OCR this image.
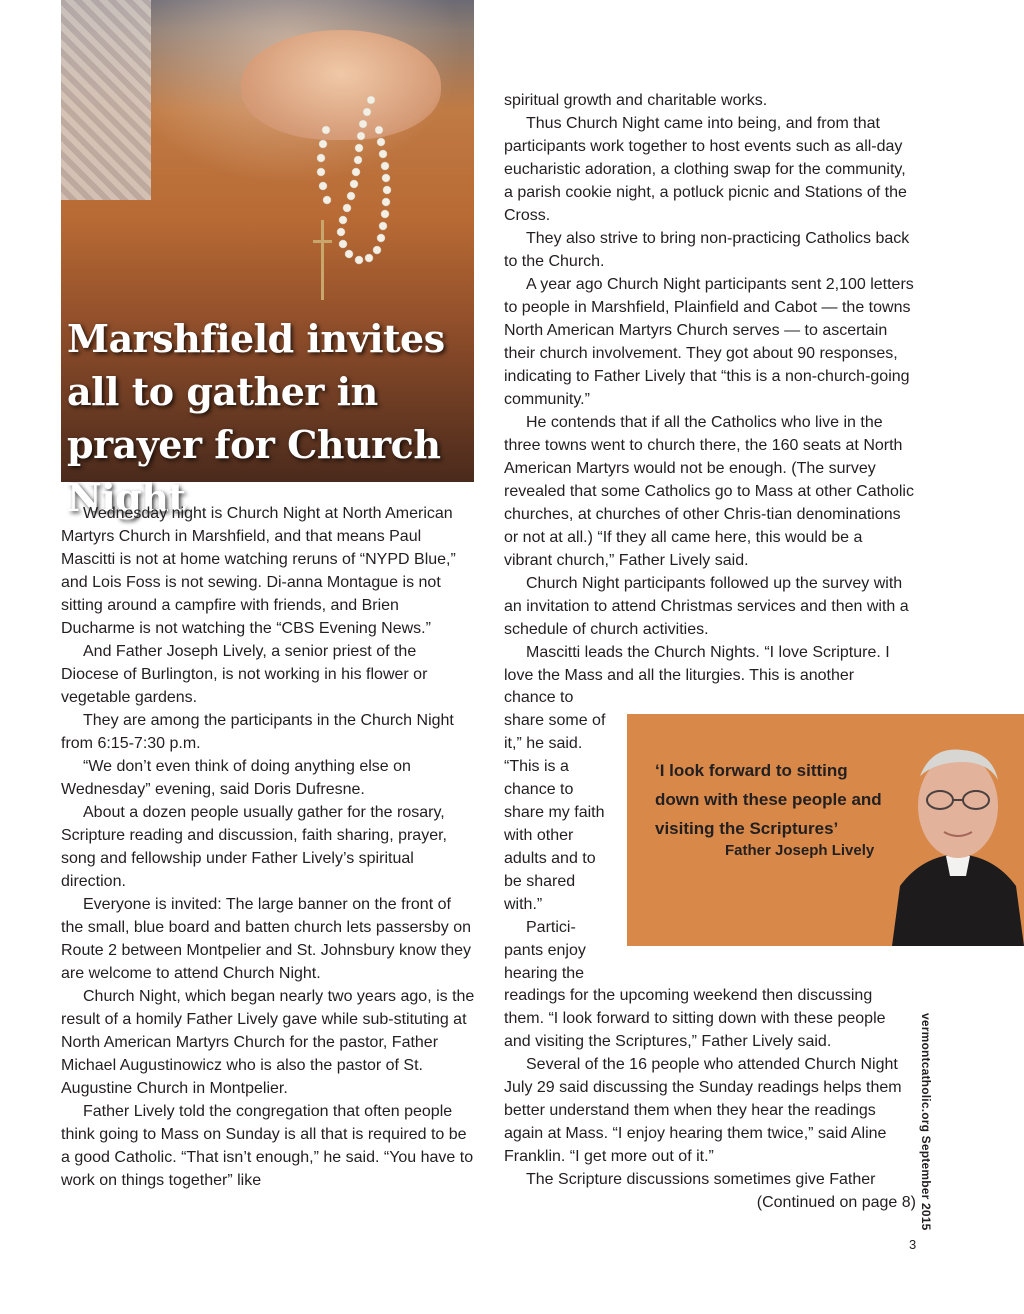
Marshfield invites all to gather in prayer for Church Night

Wednesday night is Church Night at North American Martyrs Church in Marshfield, and that means Paul Mascitti is not at home watching reruns of “NYPD Blue,” and Lois Foss is not sewing. Di-anna Montague is not sitting around a campfire with friends, and Brien Ducharme is not watching the “CBS Evening News.”

And Father Joseph Lively, a senior priest of the Diocese of Burlington, is not working in his flower or vegetable gardens.

They are among the participants in the Church Night from 6:15-7:30 p.m.

“We don’t even think of doing anything else on Wednesday” evening, said Doris Dufresne.

About a dozen people usually gather for the rosary, Scripture reading and discussion, faith sharing, prayer, song and fellowship under Father Lively’s spiritual direction.

Everyone is invited: The large banner on the front of the small, blue board and batten church lets passersby on Route 2 between Montpelier and St. Johnsbury know they are welcome to attend Church Night.

Church Night, which began nearly two years ago, is the result of a homily Father Lively gave while sub-stituting at North American Martyrs Church for the pastor, Father Michael Augustinowicz who is also the pastor of St. Augustine Church in Montpelier.

Father Lively told the congregation that often people think going to Mass on Sunday is all that is required to be a good Catholic. “That isn’t enough,” he said. “You have to work on things together” like

spiritual growth and charitable works.

Thus Church Night came into being, and from that participants work together to host events such as all-day eucharistic adoration, a clothing swap for the community, a parish cookie night, a potluck picnic and Stations of the Cross.

They also strive to bring non-practicing Catholics back to the Church.

A year ago Church Night participants sent 2,100 letters to people in Marshfield, Plainfield and Cabot — the towns North American Martyrs Church serves — to ascertain their church involvement. They got about 90 responses, indicating to Father Lively that “this is a non-church-going community.”

He contends that if all the Catholics who live in the three towns went to church there, the 160 seats at North American Martyrs would not be enough. (The survey revealed that some Catholics go to Mass at other Catholic churches, at churches of other Chris-tian denominations or not at all.) “If they all came here, this would be a vibrant church,” Father Lively said.

Church Night participants followed up the survey with an invitation to attend Christmas services and then with a schedule of church activities.

Mascitti leads the Church Nights. “I love Scripture. I love the Mass and all the liturgies. This is another

chance to share some of it,” he said. “This is a chance to share my faith with other adults and to be shared with.”

Partici-pants enjoy hearing the

‘I look forward to sitting down with these people and visiting the Scriptures’
Father Joseph Lively

readings for the upcoming weekend then discussing them. “I look forward to sitting down with these people and visiting the Scriptures,” Father Lively said.

Several of the 16 people who attended Church Night July 29 said discussing the Sunday readings helps them better understand them when they hear the readings again at Mass. “I enjoy hearing them twice,” said Aline Franklin. “I get more out of it.”

The Scripture discussions sometimes give Father

(Continued on page 8) vermontcatholic.org September 2015
3
